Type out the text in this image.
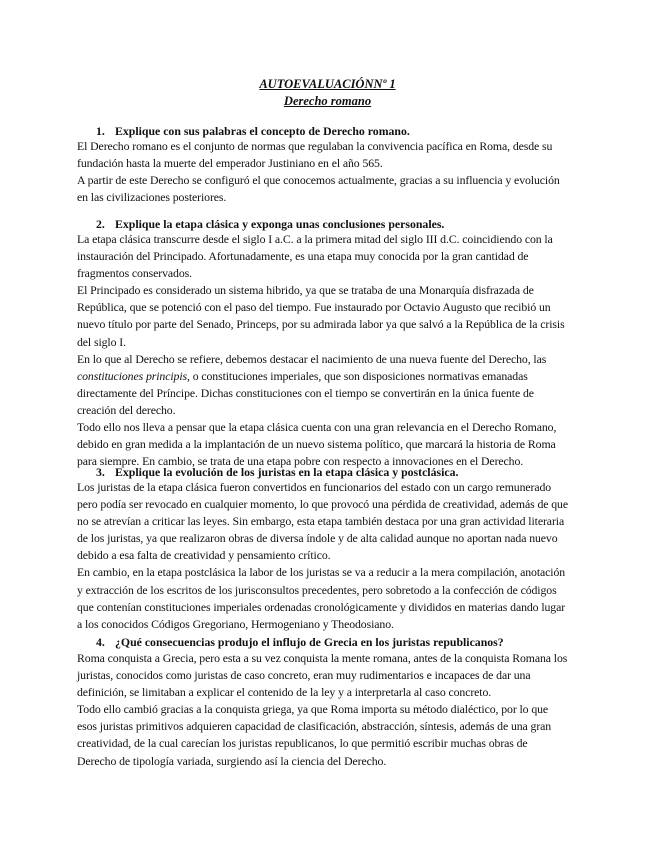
AUTOEVALUACIÓNNº 1
Derecho romano
1. Explique con sus palabras el concepto de Derecho romano.

El Derecho romano es el conjunto de normas que regulaban la convivencia pacífica en Roma, desde su
fundación hasta la muerte del emperador Justiniano en el año 565.

A partir de este Derecho se configuró el que conocemos actualmente, gracias a su influencia y evolución
en las civilizaciones posteriores.

2. Explique la etapa clásica y exponga unas conclusiones personales.

La etapa clásica transcurre desde el siglo I a.C. a la primera mitad del siglo III d.C. coincidiendo con la
instauración del Principado. Afortunadamente, es una etapa muy conocida por la gran cantidad de
fragmentos conservados.

El Principado es considerado un sistema hibrido, ya que se trataba de una Monarquía disfrazada de
República, que se potenció con el paso del tiempo. Fue instaurado por Octavio Augusto que recibió un
nuevo título por parte del Senado, Princeps, por su admirada labor ya que salvó a la República de la crisis
del siglo I.

En lo que al Derecho se refiere, debemos destacar el nacimiento de una nueva fuente del Derecho, las
constituciones principis, o constituciones imperiales, que son disposiciones normativas emanadas
directamente del Príncipe. Dichas constituciones con el tiempo se convertirán en la única fuente de
creación del derecho.

Todo ello nos lleva a pensar que la etapa clásica cuenta con una gran relevancia en el Derecho Romano,
debido en gran medida a la implantación de un nuevo sistema político, que marcará la historia de Roma
para siempre. En cambio, se trata de una etapa pobre con respecto a innovaciones en el Derecho.

3. Explique la evolución de los juristas en la etapa clásica y postclásica.

Los juristas de la etapa clásica fueron convertidos en funcionarios del estado con un cargo remunerado
pero podía ser revocado en cualquier momento, lo que provocó una pérdida de creatividad, además de que
no se atrevían a criticar las leyes. Sin embargo, esta etapa también destaca por una gran actividad literaria
de los juristas, ya que realizaron obras de diversa índole y de alta calidad aunque no aportan nada nuevo
debido a esa falta de creatividad y pensamiento crítico.

En cambio, en la etapa postclásica la labor de los juristas se va a reducir a la mera compilación, anotación
y extracción de los escritos de los jurisconsultos precedentes, pero sobretodo a la confección de códigos
que contenían constituciones imperiales ordenadas cronológicamente y divididos en materias dando lugar
a los conocidos Códigos Gregoriano, Hermogeniano y Theodosiano.

4. ¿Qué consecuencias produjo el influjo de Grecia en los juristas republicanos?

Roma conquista a Grecia, pero esta a su vez conquista la mente romana, antes de la conquista Romana los
juristas, conocidos como juristas de caso concreto, eran muy rudimentarios e incapaces de dar una
definición, se limitaban a explicar el contenido de la ley y a interpretarla al caso concreto.

Todo ello cambió gracias a la conquista griega, ya que Roma importa su método dialéctico, por lo que
esos juristas primitivos adquieren capacidad de clasificación, abstracción, síntesis, además de una gran
creatividad, de la cual carecían los juristas republicanos, lo que permitió escribir muchas obras de
Derecho de tipología variada, surgiendo así la ciencia del Derecho.
